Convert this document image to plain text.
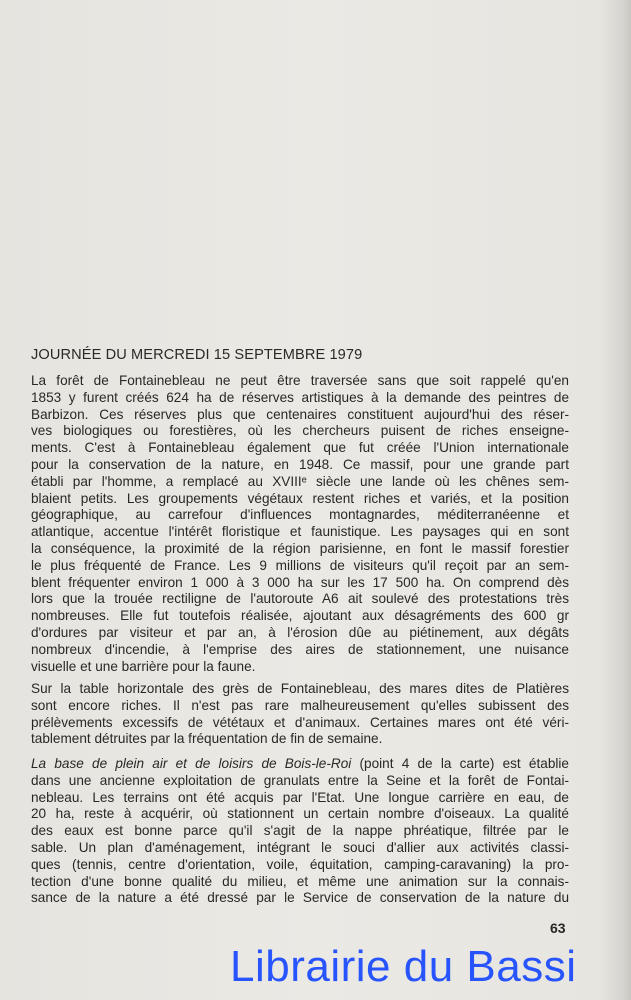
JOURNÉE DU MERCREDI 15 SEPTEMBRE 1979
La forêt de Fontainebleau ne peut être traversée sans que soit rappelé qu'en
1853 y furent créés 624 ha de réserves artistiques à la demande des peintres de
Barbizon. Ces réserves plus que centenaires constituent aujourd'hui des réser-
ves biologiques ou forestières, où les chercheurs puisent de riches enseigne-
ments. C'est à Fontainebleau également que fut créée l'Union internationale
pour la conservation de la nature, en 1948. Ce massif, pour une grande part
établi par l'homme, a remplacé au XVIIIᵉ siècle une lande où les chênes sem-
blaient petits. Les groupements végétaux restent riches et variés, et la position
géographique, au carrefour d'influences montagnardes, méditerranéenne et
atlantique, accentue l'intérêt floristique et faunistique. Les paysages qui en sont
la conséquence, la proximité de la région parisienne, en font le massif forestier
le plus fréquenté de France. Les 9 millions de visiteurs qu'il reçoit par an sem-
blent fréquenter environ 1 000 à 3 000 ha sur les 17 500 ha. On comprend dès
lors que la trouée rectiligne de l'autoroute A6 ait soulevé des protestations très
nombreuses. Elle fut toutefois réalisée, ajoutant aux désagréments des 600 gr
d'ordures par visiteur et par an, à l'érosion dûe au piétinement, aux dégâts
nombreux d'incendie, à l'emprise des aires de stationnement, une nuisance
visuelle et une barrière pour la faune.
Sur la table horizontale des grès de Fontainebleau, des mares dites de Platières
sont encore riches. Il n'est pas rare malheureusement qu'elles subissent des
prélèvements excessifs de vététaux et d'animaux. Certaines mares ont été véri-
tablement détruites par la fréquentation de fin de semaine.
La base de plein air et de loisirs de Bois-le-Roi (point 4 de la carte) est établie
dans une ancienne exploitation de granulats entre la Seine et la forêt de Fontai-
nebleau. Les terrains ont été acquis par l'Etat. Une longue carrière en eau, de
20 ha, reste à acquérir, où stationnent un certain nombre d'oiseaux. La qualité
des eaux est bonne parce qu'il s'agit de la nappe phréatique, filtrée par le
sable. Un plan d'aménagement, intégrant le souci d'allier aux activités classi-
ques (tennis, centre d'orientation, voile, équitation, camping-caravaning) la pro-
tection d'une bonne qualité du milieu, et même une animation sur la connais-
sance de la nature a été dressé par le Service de conservation de la nature du
63
Librairie du Bassi
